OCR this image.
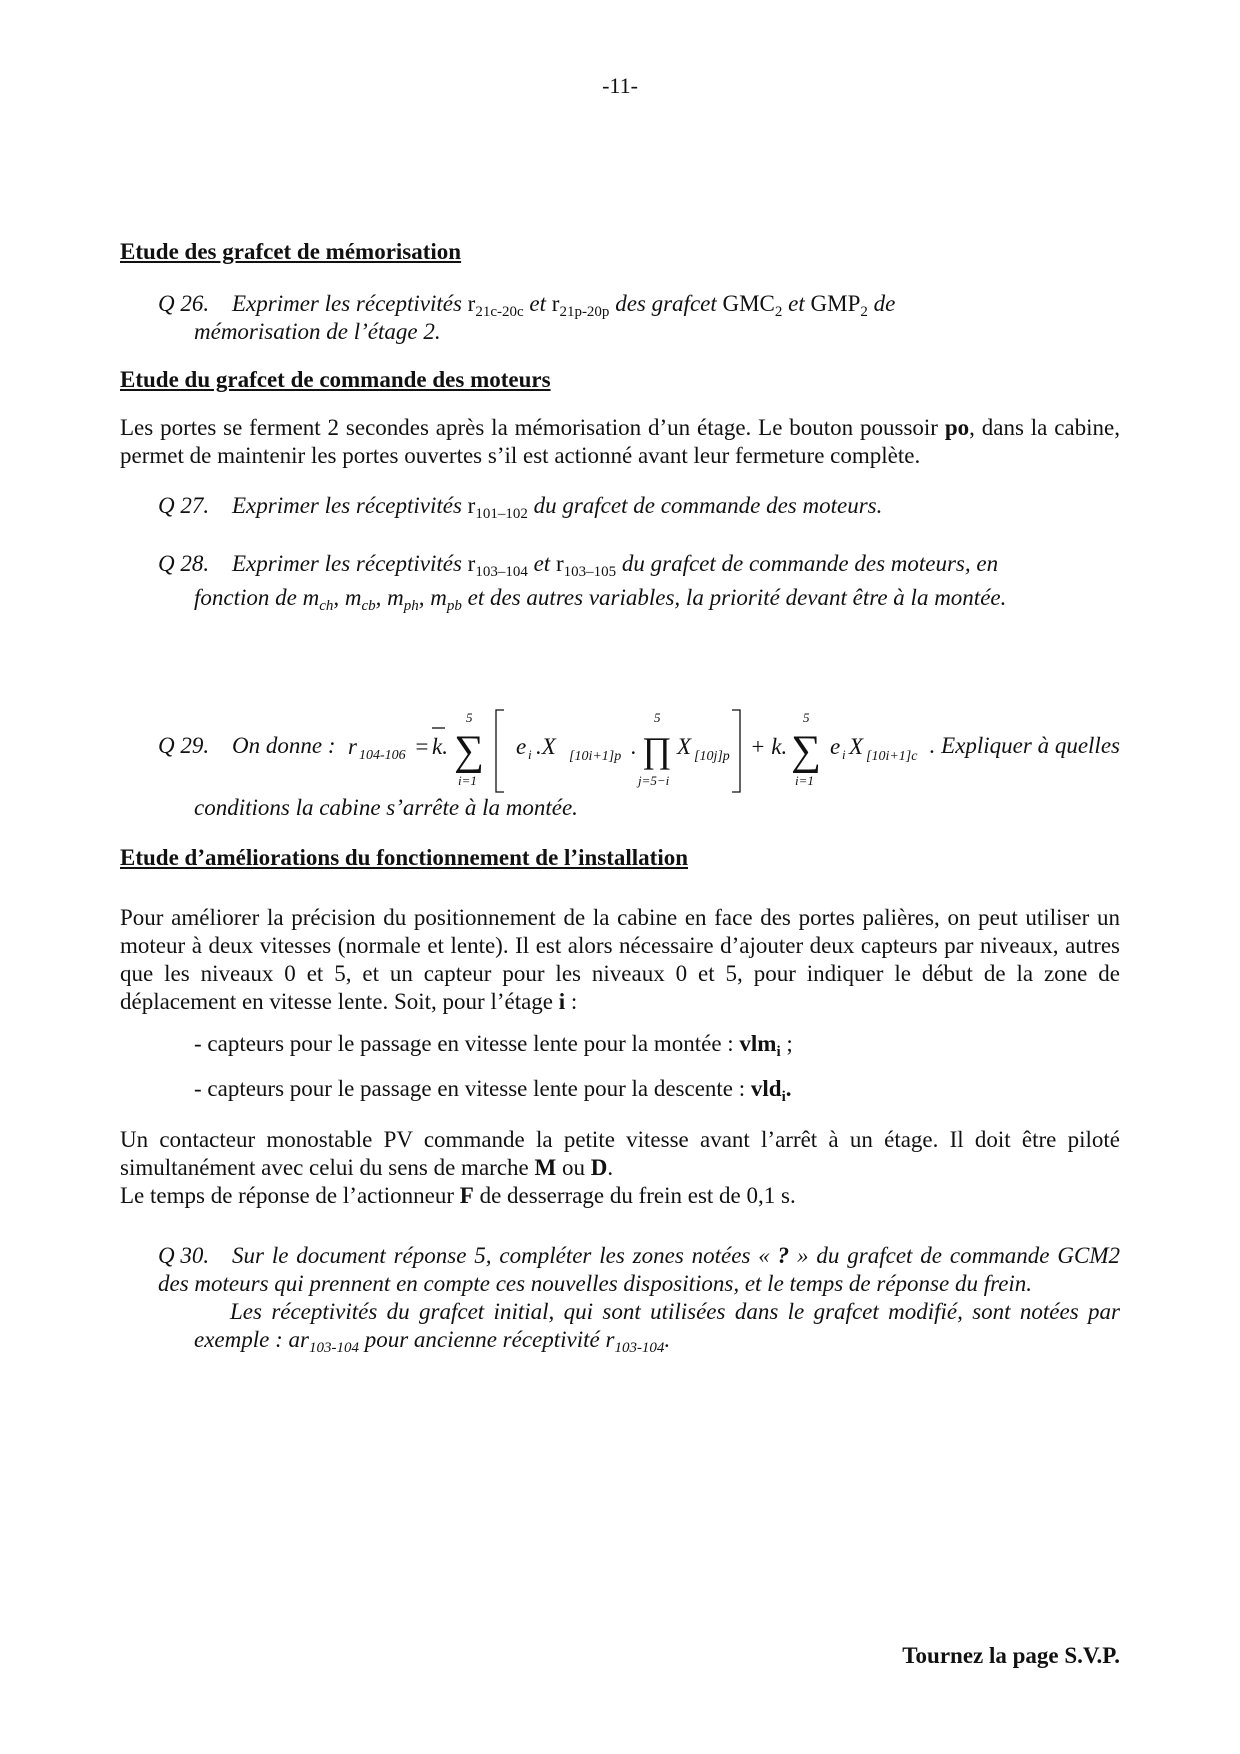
-11-
Etude des grafcet de mémorisation
Q 26. Exprimer les réceptivités $r_{21c-20c}$ et $r_{21p-20p}$ des grafcet $GMC_2$ et $GMP_2$ de
mémorisation de l’étage 2.
Etude du grafcet de commande des moteurs
Les portes se ferment 2 secondes après la mémorisation d’un étage. Le bouton poussoir po, dans la cabine, permet de maintenir les portes ouvertes s’il est actionné avant leur fermeture complète.
Q 27. Exprimer les réceptivités $r_{101-102}$ du grafcet de commande des moteurs.
Q 28. Exprimer les réceptivités $r_{103-104}$ et $r_{103-105}$ du grafcet de commande des moteurs, en
fonction de $m_{ch}$, $m_{cb}$, $m_{ph}$, $m_{pb}$ et des autres variables, la priorité devant être à la montée.
Q 29. On donne : r 104-106 = k.
5
∑
i=1
e i .X [10i+1]p .
5
∏
j=5−i
X [10j]p + k.
5
∑
i=1
e i X [10i+1]c . Expliquer à quelles
conditions la cabine s’arrête à la montée.
Etude d’améliorations du fonctionnement de l’installation
Pour améliorer la précision du positionnement de la cabine en face des portes palières, on peut utiliser un moteur à deux vitesses (normale et lente). Il est alors nécessaire d’ajouter deux capteurs par niveaux, autres que les niveaux 0 et 5, et un capteur pour les niveaux 0 et 5, pour indiquer le début de la zone de déplacement en vitesse lente. Soit, pour l’étage i :
- capteurs pour le passage en vitesse lente pour la montée : vlm$_i$ ;
- capteurs pour le passage en vitesse lente pour la descente : vld$_i$.
Un contacteur monostable PV commande la petite vitesse avant l’arrêt à un étage. Il doit être piloté simultanément avec celui du sens de marche M ou D.
Le temps de réponse de l’actionneur F de desserrage du frein est de 0,1 s.
Q 30. Sur le document réponse 5, compléter les zones notées « ? » du grafcet de commande GCM2 des moteurs qui prennent en compte ces nouvelles dispositions, et le temps de réponse du frein.
Les réceptivités du grafcet initial, qui sont utilisées dans le grafcet modifié, sont notées par exemple : $ar_{103-104}$ pour ancienne réceptivité $r_{103-104}$.
Tournez la page S.V.P.
